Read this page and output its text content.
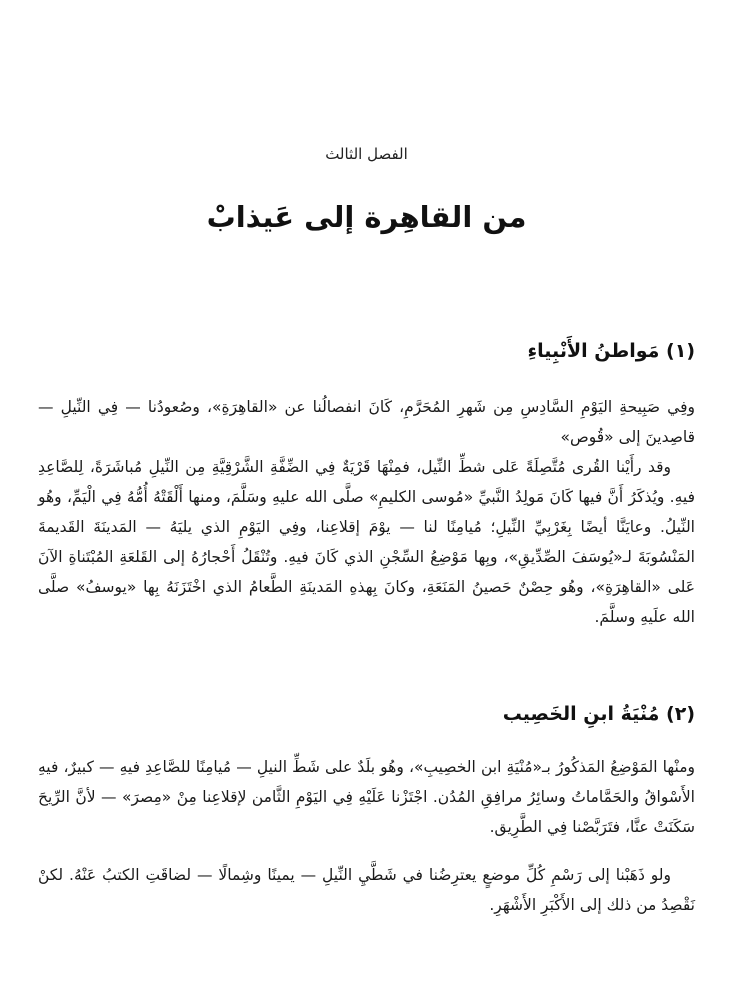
الفصل الثالث
من القاهِرة إلى عَيذابْ
(١) مَواطنُ الأَنْبِياءِ
وفِي صَبِيحةِ اليَوْمِ السَّادِسِ مِن شَهرِ المُحَرَّمِ، كَانَ انفصالُنا عن «القاهِرَةِ»، وصُعودُنا — فِي النِّيلِ — قاصِدينَ إلى «قُوص»
وقد رأَيْنا القُرى مُتَّصِلَةً عَلى شطِّ النِّيل، فمِنْهَا قَرْيَةٌ فِي الضِّفَّةِ الشَّرْقِيَّةِ مِن النِّيلِ مُباشَرَةً، لِلصَّاعِدِ فيهِ. ويُذكَرُ أَنَّ فيها كَانَ مَولِدُ النَّبيِّ «مُوسى الكليمِ» صلَّى الله عليهِ وسَلَّمَ، ومنها أَلْقَتْهُ أُمُّهُ فِي الْيَمِّ، وهُو النِّيلُ. وعايَنَّا أيضًا بِغَرْبِيِّ النِّيلِ؛ مُيامِنًا لنا — يوْمَ إقلاعِنا، وفِي اليَوْمِ الذي يليَهُ — المَدينَةَ القَديمةَ المَنْسُوبَةَ لـ«يُوسَفَ الصِّدِّيقِ»، وبِها مَوْضِعُ السِّجْنِ الذي كَانَ فيهِ. وتُنْقَلُ أَحْجارُهُ إلى القَلعَةِ المُبْتَناةِ الآنَ عَلى «القاهِرَةِ»، وهُو حِصْنٌ حَصينُ المَنَعَةِ، وكانَ بِهذهِ المَدينَةِ الطَّعامُ الذي اخْتَزَنَهُ بِها «يوسفُ» صلَّى الله علَيهِ وسلَّمَ.
(٢) مُنْيَةُ ابنِ الخَصِيب
ومنْها المَوْضِعُ المَذكُورُ بـ«مُنْيَةِ ابن الخصِيبِ»، وهُو بلَدٌ على شَطِّ النيلِ — مُيامِنًا للصَّاعِدِ فيهِ — كبيرٌ، فيهِ الأَسْواقُ والحَمَّاماتُ وسائِرُ مرافِقِ المُدُن. اجْتَزْنا عَلَيْهِ فِي اليَوْمِ الثَّامن لإقلاعِنا مِنْ «مِصرَ» — لأنَّ الرِّيحَ سَكَنَتْ عنَّا، فتَرَبَّصْنا فِي الطَّرِيق.
ولو ذَهَبْنا إلى رَسْمِ كُلِّ موضعٍ يعترِضُنا في شَطَّيِ النِّيلِ — يمينًا وشِمالًا — لضاقَتِ الكتبُ عَنْهُ. لكنْ نَقْصِدُ من ذلك إلى الأَكْبَرِ الأَشْهَرِ.
